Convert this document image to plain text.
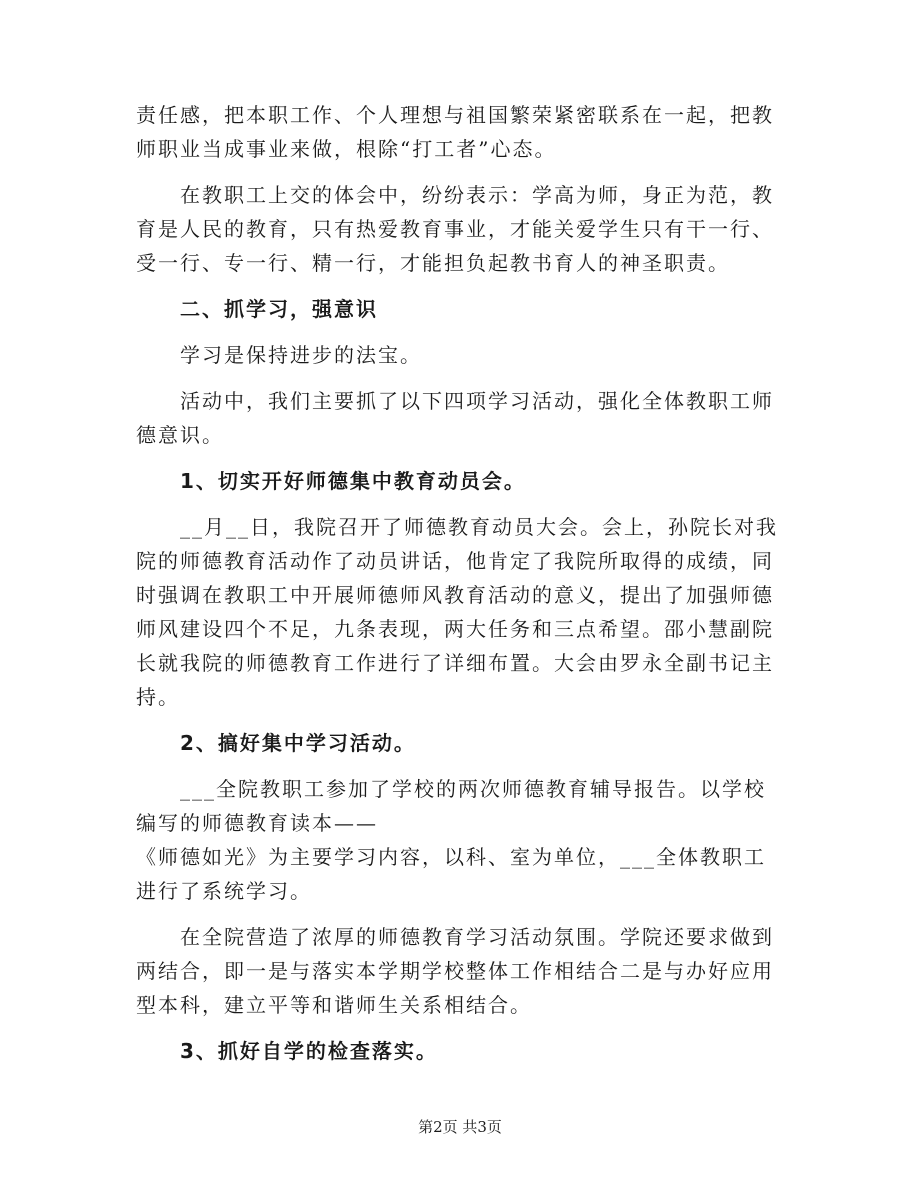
责任感，把本职工作、个人理想与祖国繁荣紧密联系在一起，把教师职业当成事业来做，根除“打工者”心态。

在教职工上交的体会中，纷纷表示：学高为师，身正为范，教育是人民的教育，只有热爱教育事业，才能关爱学生只有干一行、受一行、专一行、精一行，才能担负起教书育人的神圣职责。

二、抓学习，强意识

学习是保持进步的法宝。

活动中，我们主要抓了以下四项学习活动，强化全体教职工师德意识。

1、切实开好师德集中教育动员会。

__月__日，我院召开了师德教育动员大会。会上，孙院长对我院的师德教育活动作了动员讲话，他肯定了我院所取得的成绩，同时强调在教职工中开展师德师风教育活动的意义，提出了加强师德师风建设四个不足，九条表现，两大任务和三点希望。邵小慧副院长就我院的师德教育工作进行了详细布置。大会由罗永全副书记主持。

2、搞好集中学习活动。

___全院教职工参加了学校的两次师德教育辅导报告。以学校编写的师德教育读本——
《师德如光》为主要学习内容，以科、室为单位，___全体教职工进行了系统学习。

在全院营造了浓厚的师德教育学习活动氛围。学院还要求做到两结合，即一是与落实本学期学校整体工作相结合二是与办好应用型本科，建立平等和谐师生关系相结合。

3、抓好自学的检查落实。

第2页 共3页
